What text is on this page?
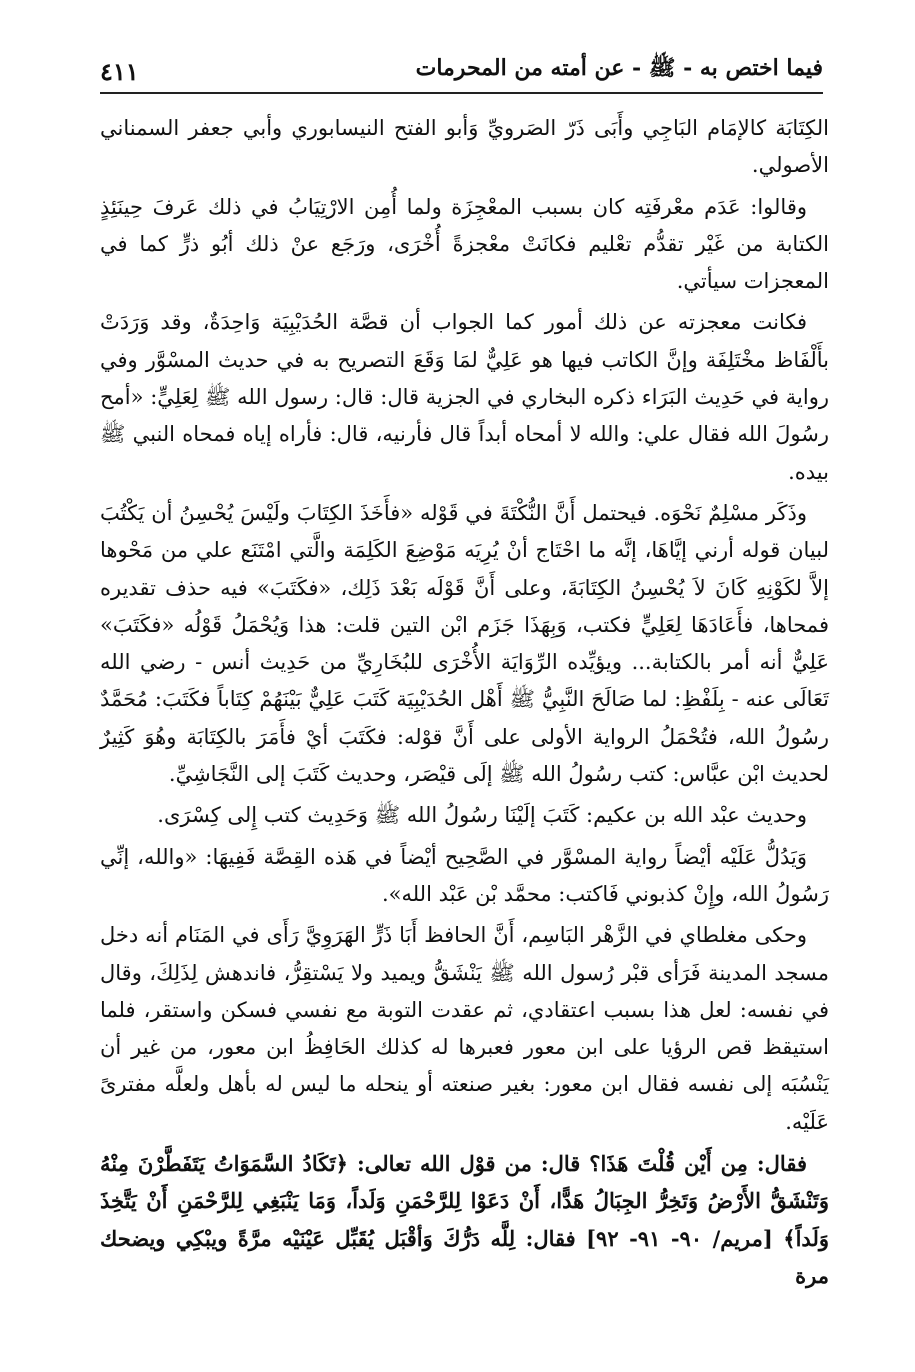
فيما اختص به - ﷺ - عن أمته من المحرمات
٤١١

الكِتَابَة كالإمَام البَاجِي وأَبَى ذَرّ الصَرويِّ وَأبو الفتح النيسابوري وأبي جعفر السمناني الأصولي.

وقالوا: عَدَم معْرفَتِه كان بسبب المعْجِزَة ولما أُمِن الارْتِيَابُ في ذلك عَرفَ حِينَئِذٍ الكتابة من غَيْر تقدُّم تعْليم فكانَتْ معْجزةً أُخْرَى، ورَجَع عنْ ذلك أبُو ذرٍّ كما في المعجزات سيأتي.

فكانت معجزته عن ذلك أمور كما الجواب أن قصَّة الحُدَيْبِيَة وَاحِدَةٌ، وقد وَرَدَتْ بأَلْفَاظ مخْتَلِفَة وإنَّ الكاتب فيها هو عَلِيٌّ لمَا وَقَعَ التصريح به في حديث المسْوَّر وفي رواية في حَدِيث البَرَاء ذكره البخاري في الجزية قال: قال: رسول الله ﷺ لِعَلِيٍّ: «أمح رسُولَ الله فقال علي: والله لا أمحاه أبداً قال فأرنيه، قال: فأراه إياه فمحاه النبي ﷺ بيده.

وذَكَر مسْلِمٌ نَحْوَه. فيحتمل أَنَّ النُّكْتَةَ في قَوْله «فأَخَذَ الكِتَابَ ولَيْسَ يُحْسِنُ أن يَكْتُبَ لبيان قوله أرني إيَّاهَا، إنَّه ما احْتَاج أنْ يُرِيَه مَوْضِعَ الكَلِمَة والَّتي امْتَنَع علي من مَحْوها إلاَّ لكَوْنِهِ كَانَ لاَ يُحْسِنُ الكِتَابَةَ، وعلى أَنَّ قَوْلَه بَعْدَ ذَلِك، «فكَتَبَ» فيه حذف تقديره فمحاها، فأَعَادَهَا لِعَلِيٍّ فكتب، وَبِهَذَا جَزَم ابْن التين قلت: هذا وَيُحْمَلُ قَوْلُه «فكَتَبَ» عَلِيٌّ أنه أمر بالكتابة... ويؤيِّده الرِّوَايَة الأُخْرَى للبُخَارِيِّ من حَدِيث أنس - رضي الله تَعَالَى عنه - بِلَفْظِ: لما صَالَحَ النَّبِيُّ ﷺ أَهْل الحُدَيْبِيَة كَتَبَ عَلِيٌّ بَيْنَهُمْ كِتَاباً فكَتَبَ: مُحَمَّدٌ رسُولُ الله، فتُحْمَلُ الرواية الأولى على أَنَّ قوْله: فكَتَبَ أيْ فأَمَرَ بالكِتَابَة وهُوَ كَثِيرٌ لحديث ابْن عبَّاس: كتب رسُولُ الله ﷺ إلَى قيْصَر، وحديث كَتَبَ إلى النَّجَاشِيِّ.

وحديث عبْد الله بن عكيم: كَتَبَ إلَيْنَا رسُولُ الله ﷺ وَحَدِيث كتب إِلى كِسْرَى.

وَيَدُلُّ عَلَيْه أيْضاً رواية المسْوَّر في الصَّحِيح أيْضاً في هَذه القِصَّة فَفِيهَا: «والله، إنِّي رَسُولُ الله، وإِنْ كذبوني فَاكتب: محمَّد بْن عَبْد الله».

وحكى مغلطاي في الزَّهْر البَاسِم، أَنَّ الحافظ أَبَا ذَرٍّ الهَرَوِيَّ رَأَى في المَنَام أنه دخل مسجد المدينة فَرَأى قبْر رُسول الله ﷺ يَنْشَقُّ ويميد ولا يَسْتقِرُّ، فاندهش لِذَلِكَ، وقال في نفسه: لعل هذا بسبب اعتقادي، ثم عقدت التوبة مع نفسي فسكن واستقر، فلما استيقظ قص الرؤيا على ابن معور فعبرها له كذلك الحَافِظُ ابن معور، من غير أن يَنْسُبَه إلى نفسه فقال ابن معور: بغير صنعته أو ينحله ما ليس له بأهل ولعلَّه مفترىً عَلَيْه.

فقال: مِن أَيْن قُلْتَ هَذَا؟ قال: من قوْل الله تعالى: ﴿تَكَادُ السَّمَوَاتُ يَتَفَطَّرْنَ مِنْهُ وَتَنْشَقُّ الأَرْضُ وَتَخِرُّ الجِبَالُ هَدًّا، أَنْ دَعَوْا لِلرَّحْمَنِ وَلَداً، وَمَا يَنْبَغِي لِلرَّحْمَنِ أَنْ يَتَّخِذَ وَلَداً﴾ [مريم/ ٩٠- ٩١- ٩٢] فقال: لِلَّه دَرُّكَ وَأقْبَل يُقَبِّل عَيْنَيْه مرَّةً ويبْكِي ويضحك مرة
